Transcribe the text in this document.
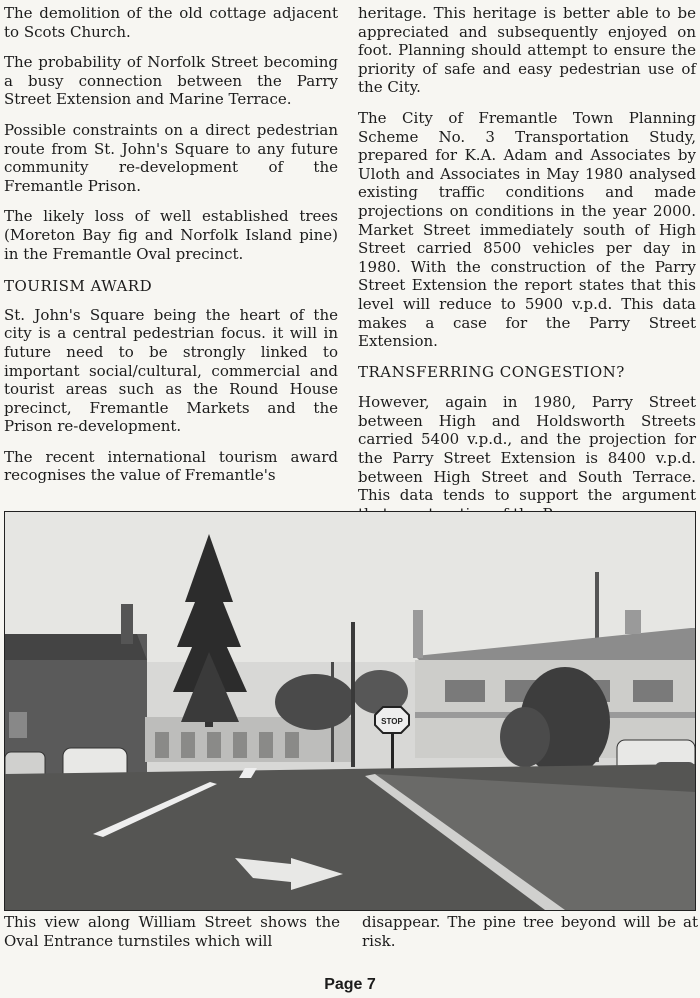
The demolition of the old cottage adjacent to Scots Church.

The probability of Norfolk Street becoming a busy connection between the Parry Street Extension and Marine Terrace.

Possible constraints on a direct pedestrian route from St. John's Square to any future community re-development of the Fremantle Prison.

The likely loss of well established trees (Moreton Bay fig and Norfolk Island pine) in the Fremantle Oval precinct.

TOURISM AWARD

St. John's Square being the heart of the city is a central pedestrian focus. it will in future need to be strongly linked to important social/cultural, commercial and tourist areas such as the Round House precinct, Fremantle Markets and the Prison re-development.

The recent international tourism award recognises the value of Fremantle's

heritage. This heritage is better able to be appreciated and subsequently enjoyed on foot. Planning should attempt to ensure the priority of safe and easy pedestrian use of the City.

The City of Fremantle Town Planning Scheme No. 3 Transportation Study, prepared for K.A. Adam and Associates by Uloth and Associates in May 1980 analysed existing traffic conditions and made projections on conditions in the year 2000. Market Street immediately south of High Street carried 8500 vehicles per day in 1980. With the construction of the Parry Street Extension the report states that this level will reduce to 5900 v.p.d. This data makes a case for the Parry Street Extension.

TRANSFERRING CONGESTION?

However, again in 1980, Parry Street between High and Holdsworth Streets carried 5400 v.p.d., and the projection for the Parry Street Extension is 8400 v.p.d. between High Street and South Terrace. This data tends to support the argument

STOP
This view along William Street shows the Oval Entrance turnstiles which will
disappear. The pine tree beyond will be at risk.
Page 7
